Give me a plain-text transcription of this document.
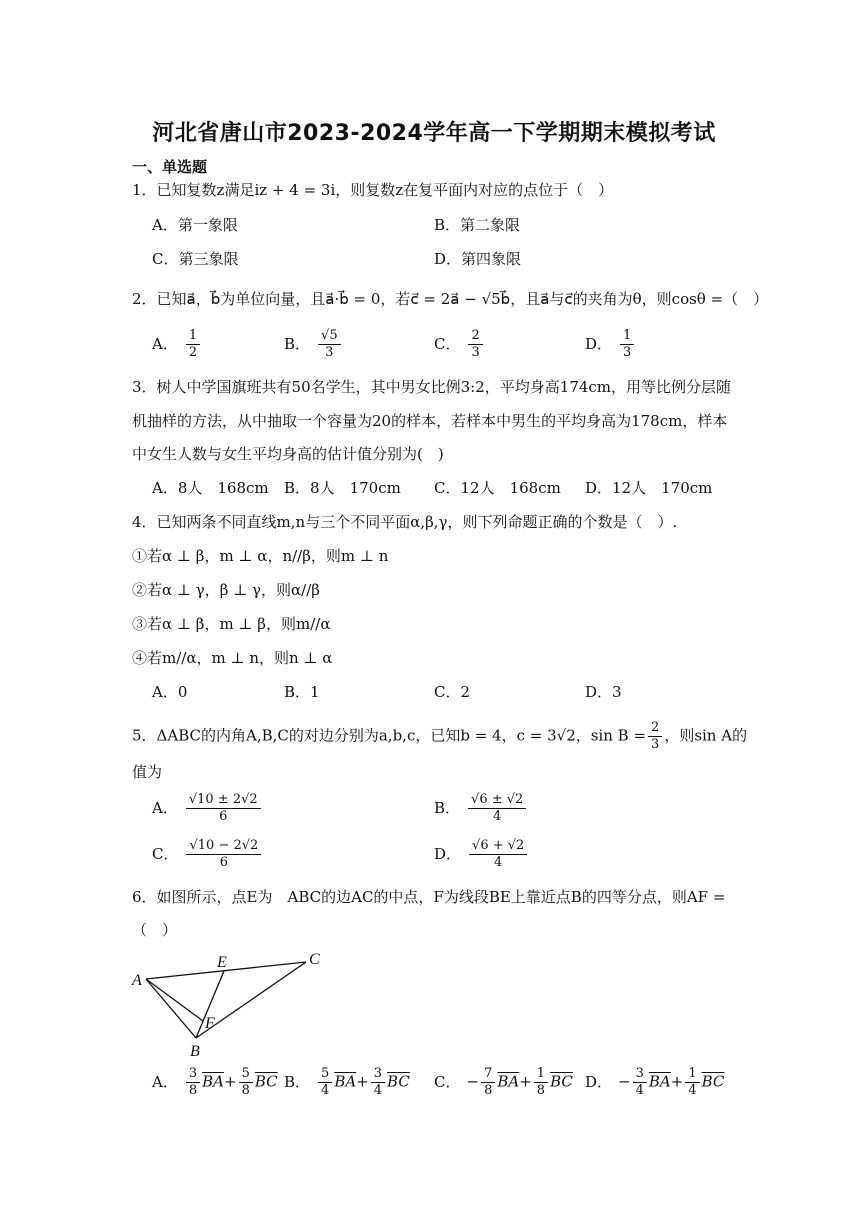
河北省唐山市2023-2024学年高一下学期期末模拟考试
一、单选题
1．已知复数z满足iz + 4 = 3i，则复数z在复平面内对应的点位于（　）
A．第一象限	B．第二象限
C．第三象限	D．第四象限
2．已知a⃗，b⃗为单位向量，且a⃗·b⃗ = 0，若c⃗ = 2a⃗ − √5b⃗，且a⃗与c⃗的夹角为θ，则cosθ =（　）
A． $\frac{1}{2}$	B． $\frac{√5}{3}$	C． $\frac{2}{3}$	D． $\frac{1}{3}$
3．树人中学国旗班共有50名学生，其中男女比例3:2，平均身高174cm，用等比例分层随
机抽样的方法，从中抽取一个容量为20的样本，若样本中男生的平均身高为178cm，样本
中女生人数与女生平均身高的估计值分别为(　)
A．8人　168cm B．8人　170cm C．12人　168cm D．12人　170cm
4．已知两条不同直线m,n与三个不同平面α,β,γ，则下列命题正确的个数是（　）.
①若α ⊥ β，m ⊥ α，n//β，则m ⊥ n
②若α ⊥ γ，β ⊥ γ，则α//β
③若α ⊥ β，m ⊥ β，则m//α
④若m//α，m ⊥ n，则n ⊥ α
A．0	B．1	C．2	D．3
5．ΔABC的内角A,B,C的对边分别为a,b,c，已知b = 4，c = 3√2，$\sin B = \frac{2}{3}$ ，则sin A的
值为
A． $\frac{√10 \pm 2√2}{6}$	B． $\frac{√6 \pm √2}{4}$
C． $\frac{√10 - 2√2}{6}$	D． $\frac{√6 + √2}{4}$
6．如图所示，点E为　ABC的边AC的中点，F为线段BE上靠近点B的四等分点，则AF =
（　）
A
B
C
E
F
A． $\frac{3}{8} \overline{BA}+ \frac{5}{8} \overline{BC}$ B． $\frac{5}{4} \overline{BA}+ \frac{3}{4} \overline{BC}$ C． − $\frac{7}{8} \overline{BA}+ \frac{1}{8} \overline{BC}$ D． − $\frac{3}{4} \overline{BA}+ \frac{1}{4} \overline{BC}$
